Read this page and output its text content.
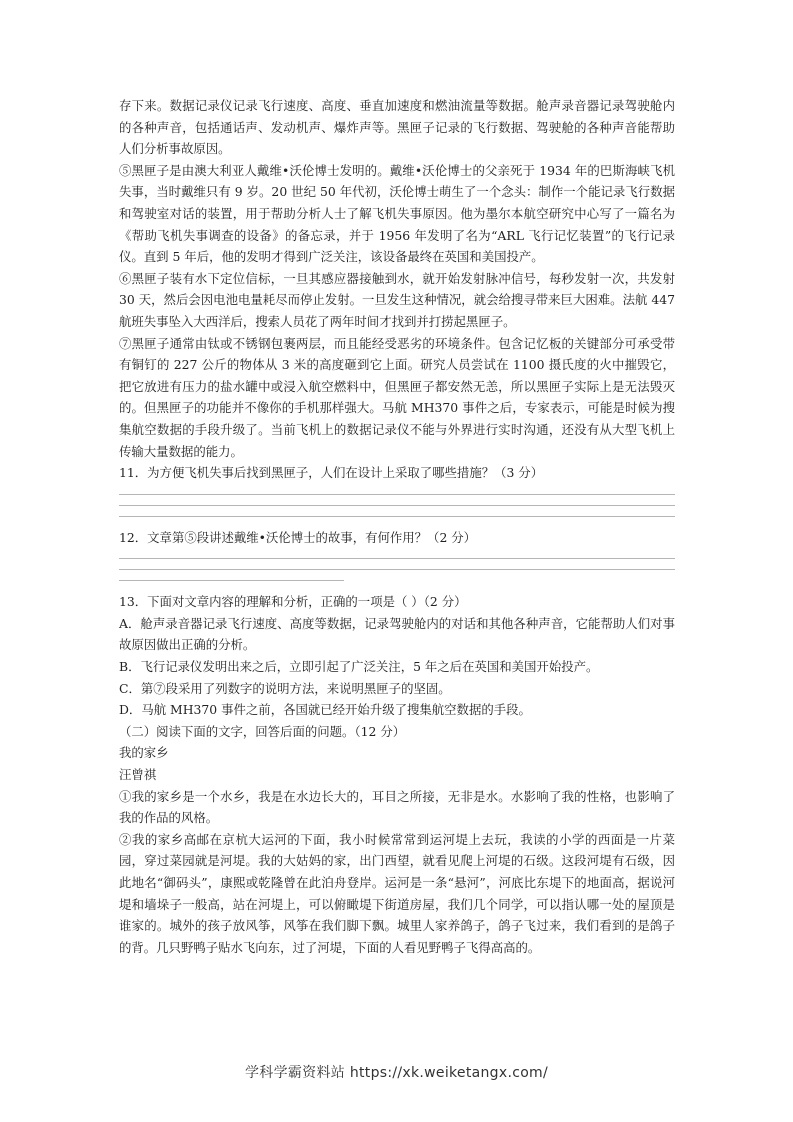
存下来。数据记录仪记录飞行速度、高度、垂直加速度和燃油流量等数据。舱声录音器记录驾驶舱内的各种声音，包括通话声、发动机声、爆炸声等。黑匣子记录的飞行数据、驾驶舱的各种声音能帮助人们分析事故原因。

⑤黑匣子是由澳大利亚人戴维•沃伦博士发明的。戴维•沃伦博士的父亲死于 1934 年的巴斯海峡飞机失事，当时戴维只有 9 岁。20 世纪 50 年代初，沃伦博士萌生了一个念头：制作一个能记录飞行数据和驾驶室对话的装置，用于帮助分析人士了解飞机失事原因。他为墨尔本航空研究中心写了一篇名为《帮助飞机失事调查的设备》的备忘录，并于 1956 年发明了名为“ARL 飞行记忆装置”的飞行记录仪。直到 5 年后，他的发明才得到广泛关注，该设备最终在英国和美国投产。

⑥黑匣子装有水下定位信标，一旦其感应器接触到水，就开始发射脉冲信号，每秒发射一次，共发射 30 天，然后会因电池电量耗尽而停止发射。一旦发生这种情况，就会给搜寻带来巨大困难。法航 447 航班失事坠入大西洋后，搜索人员花了两年时间才找到并打捞起黑匣子。

⑦黑匣子通常由钛或不锈钢包裹两层，而且能经受恶劣的环境条件。包含记忆板的关键部分可承受带有铜钉的 227 公斤的物体从 3 米的高度砸到它上面。研究人员尝试在 1100 摄氏度的火中摧毁它，把它放进有压力的盐水罐中或浸入航空燃料中，但黑匣子都安然无恙，所以黑匣子实际上是无法毁灭的。但黑匣子的功能并不像你的手机那样强大。马航 MH370 事件之后，专家表示，可能是时候为搜集航空数据的手段升级了。当前飞机上的数据记录仪不能与外界进行实时沟通，还没有从大型飞机上传输大量数据的能力。

11．为方便飞机失事后找到黑匣子，人们在设计上采取了哪些措施？（3 分）

12．文章第⑤段讲述戴维•沃伦博士的故事，有何作用？（2 分）

13．下面对文章内容的理解和分析，正确的一项是（ ）（2 分）

A．舱声录音器记录飞行速度、高度等数据，记录驾驶舱内的对话和其他各种声音，它能帮助人们对事故原因做出正确的分析。

B．飞行记录仪发明出来之后，立即引起了广泛关注，5 年之后在英国和美国开始投产。

C．第⑦段采用了列数字的说明方法，来说明黑匣子的坚固。

D．马航 MH370 事件之前，各国就已经开始升级了搜集航空数据的手段。

（二）阅读下面的文字，回答后面的问题。（12 分）

我的家乡

汪曾祺

①我的家乡是一个水乡，我是在水边长大的，耳目之所接，无非是水。水影响了我的性格，也影响了我的作品的风格。

②我的家乡高邮在京杭大运河的下面，我小时候常常到运河堤上去玩，我读的小学的西面是一片菜园，穿过菜园就是河堤。我的大姑妈的家，出门西望，就看见爬上河堤的石级。这段河堤有石级，因此地名“御码头”，康熙或乾隆曾在此泊舟登岸。运河是一条“悬河”，河底比东堤下的地面高，据说河堤和墙垛子一般高，站在河堤上，可以俯瞰堤下街道房屋，我们几个同学，可以指认哪一处的屋顶是谁家的。城外的孩子放风筝，风筝在我们脚下飘。城里人家养鸽子，鸽子飞过来，我们看到的是鸽子的背。几只野鸭子贴水飞向东，过了河堤，下面的人看见野鸭子飞得高高的。

学科学霸资料站 https://xk.weiketangx.com/
